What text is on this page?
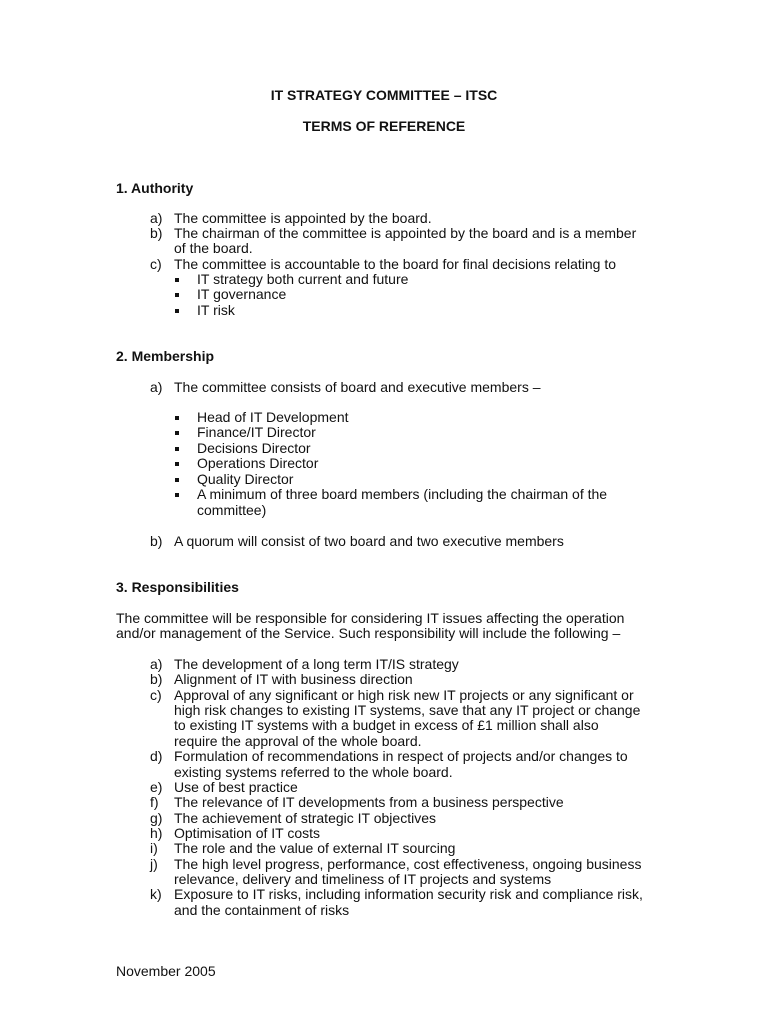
IT STRATEGY COMMITTEE – ITSC
TERMS OF REFERENCE
1. Authority
a) The committee is appointed by the board.
b) The chairman of the committee is appointed by the board and is a member
of the board.
c) The committee is accountable to the board for final decisions relating to
IT strategy both current and future
IT governance
IT risk
2. Membership
a) The committee consists of board and executive members –
Head of IT Development
Finance/IT Director
Decisions Director
Operations Director
Quality Director
A minimum of three board members (including the chairman of the
committee)
b) A quorum will consist of two board and two executive members
3. Responsibilities
The committee will be responsible for considering IT issues affecting the operation
and/or management of the Service. Such responsibility will include the following –
a) The development of a long term IT/IS strategy
b) Alignment of IT with business direction
c) Approval of any significant or high risk new IT projects or any significant or
high risk changes to existing IT systems, save that any IT project or change
to existing IT systems with a budget in excess of £1 million shall also
require the approval of the whole board.
d) Formulation of recommendations in respect of projects and/or changes to
existing systems referred to the whole board.
e) Use of best practice
f) The relevance of IT developments from a business perspective
g) The achievement of strategic IT objectives
h) Optimisation of IT costs
i) The role and the value of external IT sourcing
j) The high level progress, performance, cost effectiveness, ongoing business
relevance, delivery and timeliness of IT projects and systems
k) Exposure to IT risks, including information security risk and compliance risk,
and the containment of risks
November 2005
